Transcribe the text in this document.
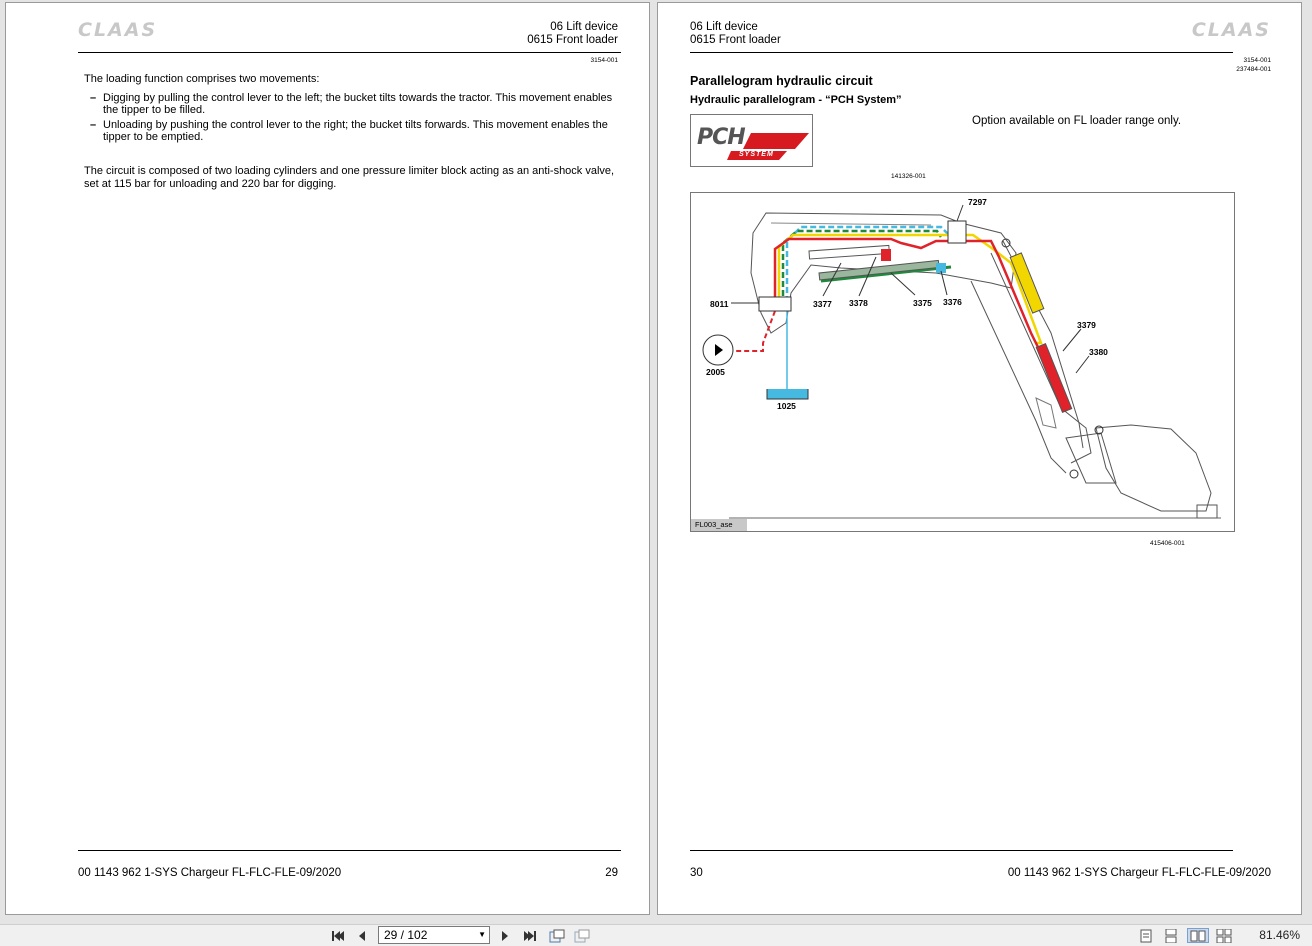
CLAAS	06 Lift device
0615 Front loader
3154-001
The loading function comprises two movements:
– Digging by pulling the control lever to the left; the bucket tilts towards the tractor. This movement enables
the tipper to be filled.
– Unloading by pushing the control lever to the right; the bucket tilts forwards. This movement enables the
tipper to be emptied.
The circuit is composed of two loading cylinders and one pressure limiter block acting as an anti-shock valve,
set at 115 bar for unloading and 220 bar for digging.
00 1143 962 1-SYS Chargeur FL-FLC-FLE-09/2020	29
06 Lift device
0615 Front loader	CLAAS
3154-001
237484-001
Parallelogram hydraulic circuit
Hydraulic parallelogram - “PCH System”
PCH
SYSTEM
Option available on FL loader range only.
141326-001
7297
8011	3377 3378	3375 3376
3379
3380
2005
1025
FL003_ase
415406-001
30	00 1143 962 1-SYS Chargeur FL-FLC-FLE-09/2020
29 / 102	▼	81.46%
